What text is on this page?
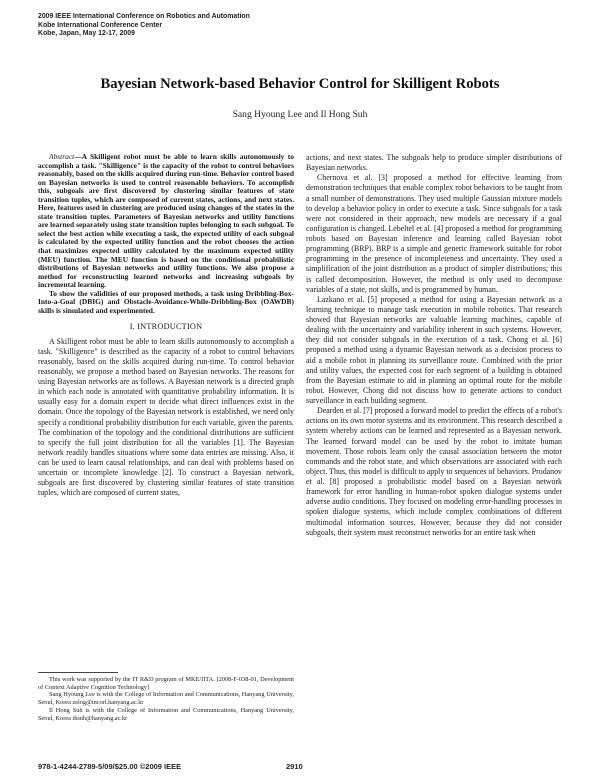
2009 IEEE International Conference on Robotics and Automation
Kobe International Conference Center
Kobe, Japan, May 12-17, 2009
Bayesian Network-based Behavior Control for Skilligent Robots
Sang Hyoung Lee and Il Hong Suh

Abstract—A Skilligent robot must be able to learn skills autonomously to accomplish a task. "Skilligence" is the capacity of the robot to control behaviors reasonably, based on the skills acquired during run-time. Behavior control based on Bayesian networks is used to control reasonable behaviors. To accomplish this, subgoals are first discovered by clustering similar features of state transition tuples, which are composed of current states, actions, and next states. Here, features used in clustering are produced using changes of the states in the state transition tuples. Parameters of Bayesian networks and utility functions are learned separately using state transition tuples belonging to each subgoal. To select the best action while executing a task, the expected utility of each subgoal is calculated by the expected utility function and the robot chooses the action that maximizes expected utility calculated by the maximum expected utility (MEU) function. The MEU function is based on the conditional probabilistic distributions of Bayesian networks and utility functions. We also propose a method for reconstructing learned networks and increasing subgoals by incremental learning.

To show the validities of our proposed methods, a task using Dribbling-Box-Into-a-Goal (DBIG) and Obstacle-Avoidance-While-Dribbling-Box (OAWDB) skills is simulated and experimented.

I. INTRODUCTION

A Skilligent robot must be able to learn skills autonomously to accomplish a task. "Skilligence" is described as the capacity of a robot to control behaviors reasonably, based on the skills acquired during run-time. To control behavior reasonably, we propose a method based on Bayesian networks. The reasons for using Bayesian networks are as follows. A Bayesian network is a directed graph in which each node is annotated with quantitative probability information. It is usually easy for a domain expert to decide what direct influences exist in the domain. Once the topology of the Bayesian network is established, we need only specify a conditional probability distribution for each variable, given the parents. The combination of the topology and the conditional distributions are sufficient to specify the full joint distribution for all the variables [1]. The Bayesian network readily handles situations where some data entries are missing. Also, it can be used to learn causal relationships, and can deal with problems based on uncertain or incomplete knowledge [2]. To construct a Bayesian network, subgoals are first discovered by clustering similar features of state transition tuples, which are composed of current states,

This work was supported by the IT R&D program of MKE/IITA. [2008-F-038-01, Development of Context Adaptive Cognition Technology]

Sang Hyoung Lee is with the College of Information and Communications, Hanyang University, Seoul, Korea zelog@incorl.hanyang.ac.kr

Il Hong Suh is with the College of Information and Communications, Hanyang University, Seoul, Korea ihsuh@hanyang.ac.kr

actions, and next states. The subgoals help to produce simpler distributions of Bayesian networks.

Chernova et al. [3] proposed a method for effective learning from demonstration techniques that enable complex robot behaviors to be taught from a small number of demonstrations. They used multiple Gaussian mixture models to develop a behavior policy in order to execute a task. Since subgoals for a task were not considered in their approach, new models are necessary if a goal configuration is changed. Lebeltel et al. [4] proposed a method for programming robots based on Bayesian inference and learning called Bayesian robot programming (BRP). BRP is a simple and generic framework suitable for robot programming in the presence of incompleteness and uncertainty. They used a simplification of the joint distribution as a product of simpler distributions; this is called decomposition. However, the method is only used to decompose variables of a state, not skills, and is programmed by human.

Lazkano et al. [5] proposed a method for using a Bayesian network as a learning technique to manage task execution in mobile robotics. That research showed that Bayesian networks are valuable learning machines, capable of dealing with the uncertainty and variability inherent in such systems. However, they did not consider subgoals in the execution of a task. Chong et al. [6] proposed a method using a dynamic Bayesian network as a decision process to aid a mobile robot in planning its surveillance route. Combined with the prior and utility values, the expected cost for each segment of a building is obtained from the Bayesian estimate to aid in planning an optimal route for the mobile robot. However, Chong did not discuss how to generate actions to conduct surveillance in each building segment.

Dearden et al. [7] proposed a forward model to predict the effects of a robot's actions on its own motor systems and its environment. This research described a system whereby actions can be learned and represented as a Bayesian network. The learned forward model can be used by the robot to imitate human movement. Those robots learn only the causal association between the motor commands and the robot state, and which observations are associated with each object. Thus, this model is difficult to apply to sequences of behaviors. Prodanov et al. [8] proposed a probabilistic model based on a Bayesian network framework for error handling in human-robot spoken dialogue systems under adverse audio conditions. They focused on modeling error-handling processes in spoken dialogue systems, which include complex combinations of different multimodal information sources. However, because they did not consider subgoals, their system must reconstruct networks for an entire task when

978-1-4244-2789-5/09/$25.00 ©2009 IEEE	2910
